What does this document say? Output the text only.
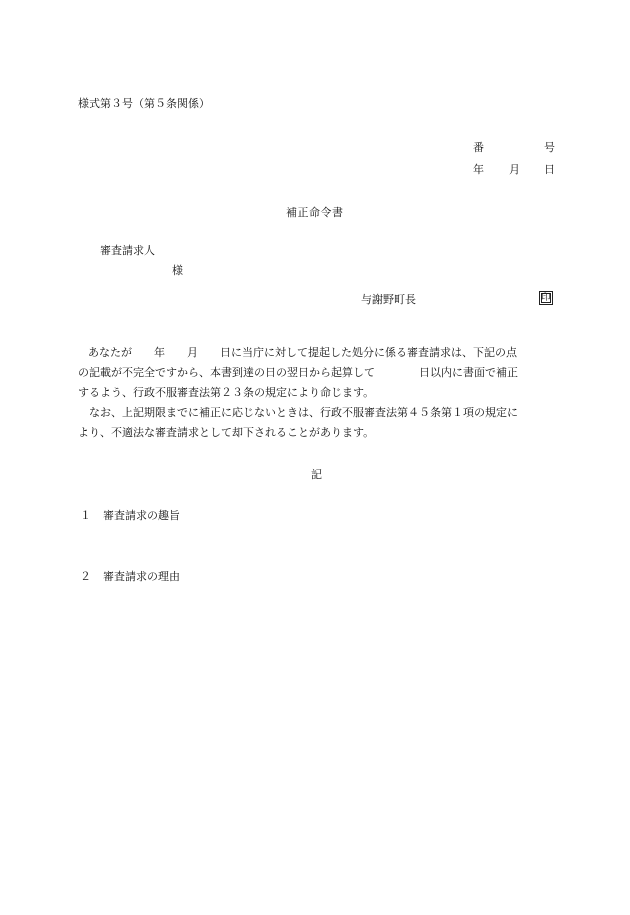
様式第３号（第５条関係）
番	号
年 月 日
補正命令書
審査請求人
様
与謝野町長	印
あなたが　　年　　月　　日に当庁に対して提起した処分に係る審査請求は、下記の点
の記載が不完全ですから、本書到達の日の翌日から起算して　　　　日以内に書面で補正
するよう、行政不服審査法第２３条の規定により命じます。
　なお、上記期限までに補正に応じないときは、行政不服審査法第４５条第１項の規定に
より、不適法な審査請求として却下されることがあります。
記
１ 審査請求の趣旨
２ 審査請求の理由
